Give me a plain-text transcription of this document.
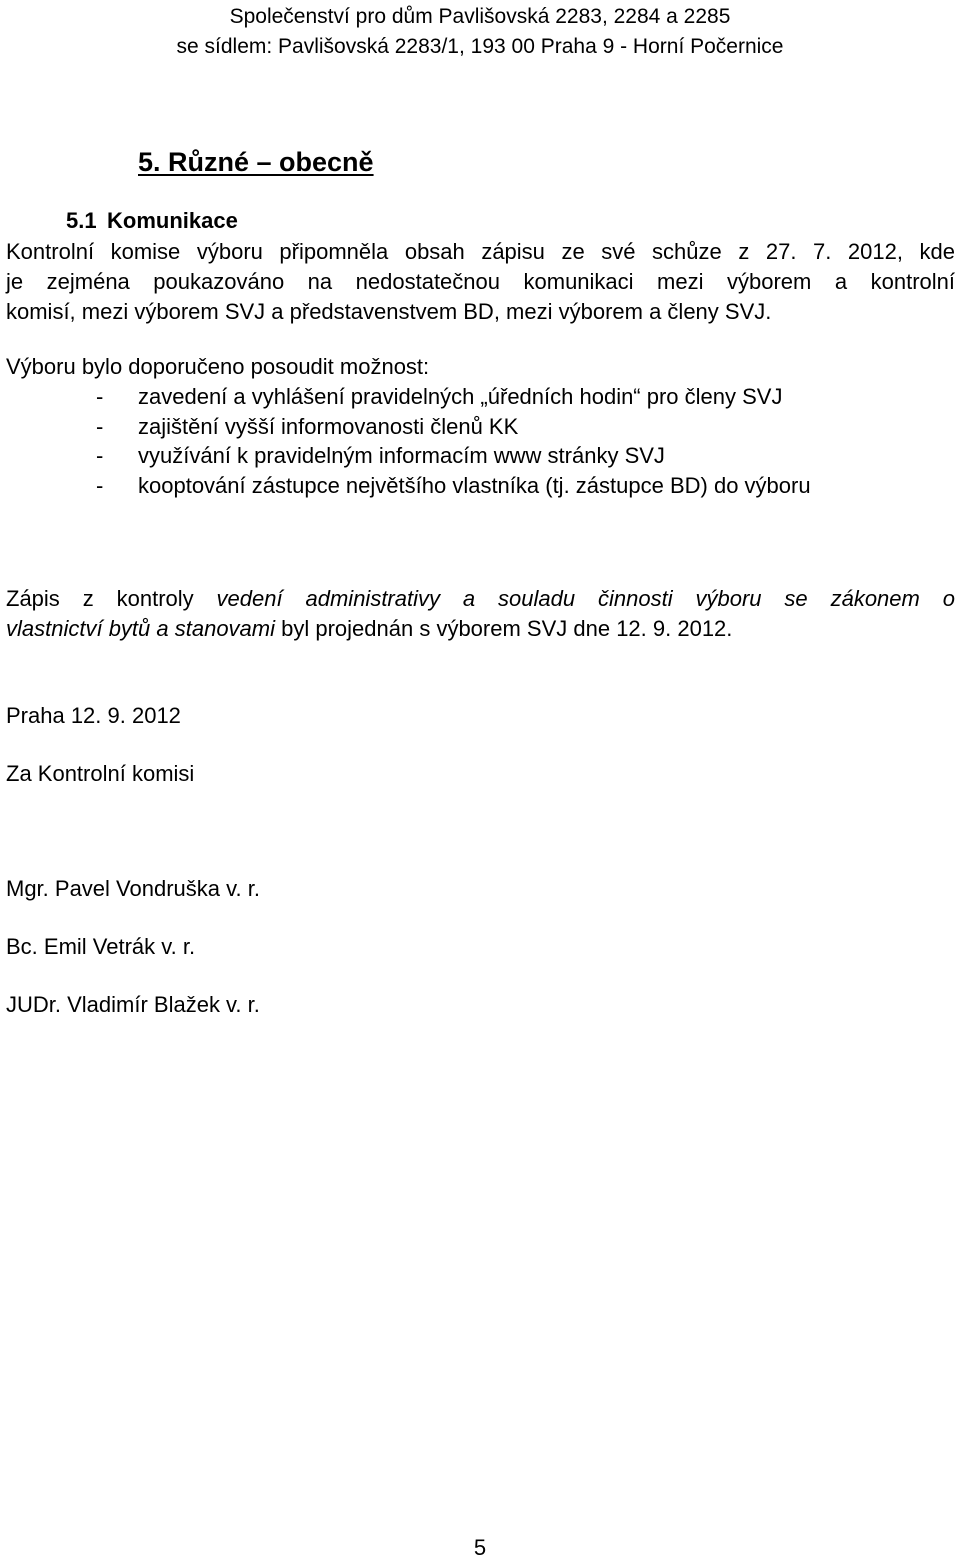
Společenství pro dům Pavlišovská 2283, 2284 a 2285
se sídlem: Pavlišovská 2283/1, 193 00 Praha 9 - Horní Počernice
5. Různé – obecně
5.1 Komunikace
Kontrolní komise výboru připomněla obsah zápisu ze své schůze z 27. 7. 2012, kde
je zejména poukazováno na nedostatečnou komunikaci mezi výborem a kontrolní
komisí, mezi výborem SVJ a představenstvem BD, mezi výborem a členy SVJ.
Výboru bylo doporučeno posoudit možnost:
- zavedení a vyhlášení pravidelných „úředních hodin“ pro členy SVJ
- zajištění vyšší informovanosti členů KK
- využívání k pravidelným informacím www stránky SVJ
- kooptování zástupce největšího vlastníka (tj. zástupce BD) do výboru
Zápis z kontroly vedení administrativy a souladu činnosti výboru se zákonem o
vlastnictví bytů a stanovami byl projednán s výborem SVJ dne 12. 9. 2012.
Praha 12. 9. 2012
Za Kontrolní komisi
Mgr. Pavel Vondruška v. r.
Bc. Emil Vetrák v. r.
JUDr. Vladimír Blažek v. r.
5
